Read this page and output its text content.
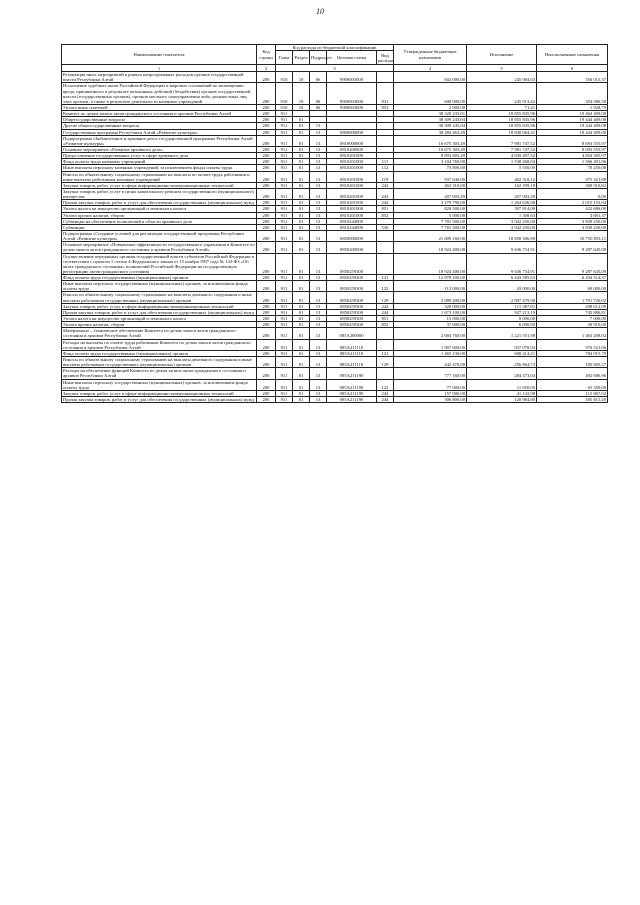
10
Наименование показателя	Код строки	Код расхода по бюджетной классификации					Утвержденные бюджетные назначения	Исполнение	Неисполненные назначения
		Глава	Раздел	Подраздел	Целевая статья	Вид расхода			
1	2	3					4	5	6
Реализация иных мероприятий в рамках непрограммных расходов органов государственной власти Республики Алтай	200	910	10	06	9900003000		602 000,00	245 984,63	356 015,37
Исполнение судебных актов Российской Федерации и мировых соглашений по возмещению вреда, причиненного в результате незаконных действий (бездействия) органов государственной власти (государственных органов), органов местного самоуправления либо должностных лиц этих органов, а также в результате деятельности казенных учреждений	200	910	10	06	9900003000	831	600 000,00	245 913,42	354 086,58
Уплата иных платежей	200	910	10	06	9900003000	853	2 000,00	71,21	1 928,79
Комитет по делам записи актов гражданского состояния и архивов Республики Алтай	200	911					38 320 235,01	18 855 835,96	19 464 409,08
Общегосударственные вопросы	200	911	01				38 309 243,04	18 855 835,96	19 444 409,08
Другие общегосударственные вопросы	200	911	01	13			38 309 245,04	18 855 835,96	19 444 409,08
Государственная программа Республики Алтай «Развитие культуры»	200	911	01	13	0800000000		38 284 463,49	18 840 064,41	19 444 409,08
Подпрограмма «Библиотечное и архивное дело» государственной программы Республики Алтай «Развитие культуры»	200	911	01	13	0810000000		16 675 303,49	7 981 747,52	8 693 555,97
Основное мероприятие «Развитие архивного дела»	200	911	01	13	0810200000		16 675 303,49	7 981 747,52	8 693 555,97
Предоставление государственных услуг в сфере архивного дела	200	911	01	13	0810201000		8 893 803,49	4 039 497,52	4 854 305,97
Фонд оплаты труда казенных учреждений	200	911	01	13	0810201000	111	3 104 760,00	1 538 268,04	1 566 491,96
Иные выплаты персоналу казенных учреждений, за исключением фонда оплаты труда	200	911	01	13	0810201000	112	75 800,00	5 550,00	70 250,00
Взносы по обязательному социальному страхованию на выплаты по оплате труда работников и иные выплаты работникам казенных учреждений	200	911	01	13	0810201000	119	937 640,00	462 318,12	475 321,88
Закупка товаров, работ, услуг в сфере информационно-коммуникационных технологий	200	911	01	13	0810201000	242	463 310,00	162 399,18	300 910,82
Закупка товаров, работ, услуг в целях капитального ремонта государственного (муниципального) имущества	200	911	01	13	0810201000	243	207 003,49	207 003,49	0,00
Прочая закупка товаров, работ и услуг для обеспечения государственных (муниципальных) нужд	200	911	01	13	0810201000	244	3 279 790,00	1 264 636,06	2 015 153,94
Уплата налога на имущество организаций и земельного налога	200	911	01	13	0810201000	851	820 500,00	397 814,00	422 686,00
Уплата прочих налогов, сборов	200	911	01	13	0810201000	852	5 000,00	1 308,63	3 691,37
Субвенции на обеспечение полномочий в области архивного дела	200	911	01	13	0810244000		7 781 500,00	3 942 250,00	3 839 250,00
Субвенции	200	911	01	13	0810244000	530	7 781 500,00	3 942 250,00	3 839 250,00
Подпрограмма «Создание условий для реализации государственной программы Республики Алтай «Развитие культуры»	200	911	01	13	0850000000		21 609 160,00	10 858 306,89	10 750 853,11
Основное мероприятие «Повышение эффективности государственного управления в Комитете по делам записи актов гражданского состояния и архивов Республики Алтай»	200	911	01	13	0850200000		18 924 400,00	9 636 754,91	9 287 645,09
Осуществление переданных органам государственной власти субъектов Российской Федерации в соответствии с пунктом 1 статьи 4 Федерального закона от 15 ноября 1997 года № 143-ФЗ «Об актах гражданского состояния» полномочий Российской Федерации на государственную регистрацию актов гражданского состояния	200	911	01	13	0850259300		18 924 400,00	9 636 754,91	9 287 645,09
Фонд оплаты труда государственных (муниципальных) органов	200	911	01	13	0850259300	121	12 878 100,00	6 443 585,63	6 434 514,37
Иные выплаты персоналу государственных (муниципальных) органов, за исключением фонда оплаты труда	200	911	01	13	0850259300	122	112 000,00	43 000,00	69 000,00
Взносы по обязательному социальному страхованию на выплаты денежного содержания и иные выплаты работникам государственных (муниципальных) органов	200	911	01	13	0850259300	129	3 889 200,00	2 097 479,00	1 791 720,02
Закупка товаров, работ, услуг в сфере информационно-коммуникационных технологий	200	911	01	13	0850259300	242	320 000,00	111 387,01	208 612,99
Прочая закупка товаров, работ и услуг для обеспечения государственных (муниципальных) нужд	200	911	01	13	0850259300	244	1 673 100,00	927 213,19	745 886,81
Уплата налога на имущество организаций и земельного налога	200	911	01	13	0850259300	851	15 000,00	8 000,00	7 000,00
Уплата прочих налогов, сборов	200	911	01	13	0850259300	852	37 000,00	6 090,00	30 910,00
Материально – техническое обеспечение Комитета по делам записи актов гражданского состояния и архивов Республики Алтай	200	911	01	13	085А200000		2 684 760,00	1 221 551,98	1 463 208,02
Расходы на выплаты по оплате труда работников Комитета по делам записи актов гражданского состояния и архивов Республики Алтай	200	911	01	13	085А211110		1 907 600,00	937 078,94	970 521,06
Фонд оплаты труда государственных (муниципальных) органов	200	911	01	13	085А211110	121	1 465 130,00	680 214,21	784 915,79
Взносы по обязательному социальному страхованию на выплаты денежного содержания и иные выплаты работникам государственных (муниципальных) органов	200	911	01	13	085А211110	129	442 470,00	256 864,73	185 605,27
Расходы на обеспечение функций Комитета по делам записи актов гражданского состояния и архивов Республики Алтай	200	911	01	13	085А211190		777 160,00	284 473,04	492 686,96
Иные выплаты персоналу государственных (муниципальных) органов, за исключением фонда оплаты труда	200	911	01	13	085А211190	122	77 000,00	11 650,00	65 350,00
Закупка товаров, работ, услуг в сфере информационно-коммуникационных технологий	200	911	01	13	085А211190	242	157 000,00	41 132,98	115 867,02
Прочая закупка товаров, работ и услуг для обеспечения государственных (муниципальных) нужд	200	911	01	13	085А211190	244	306 800,00	120 984,80	185 815,20
